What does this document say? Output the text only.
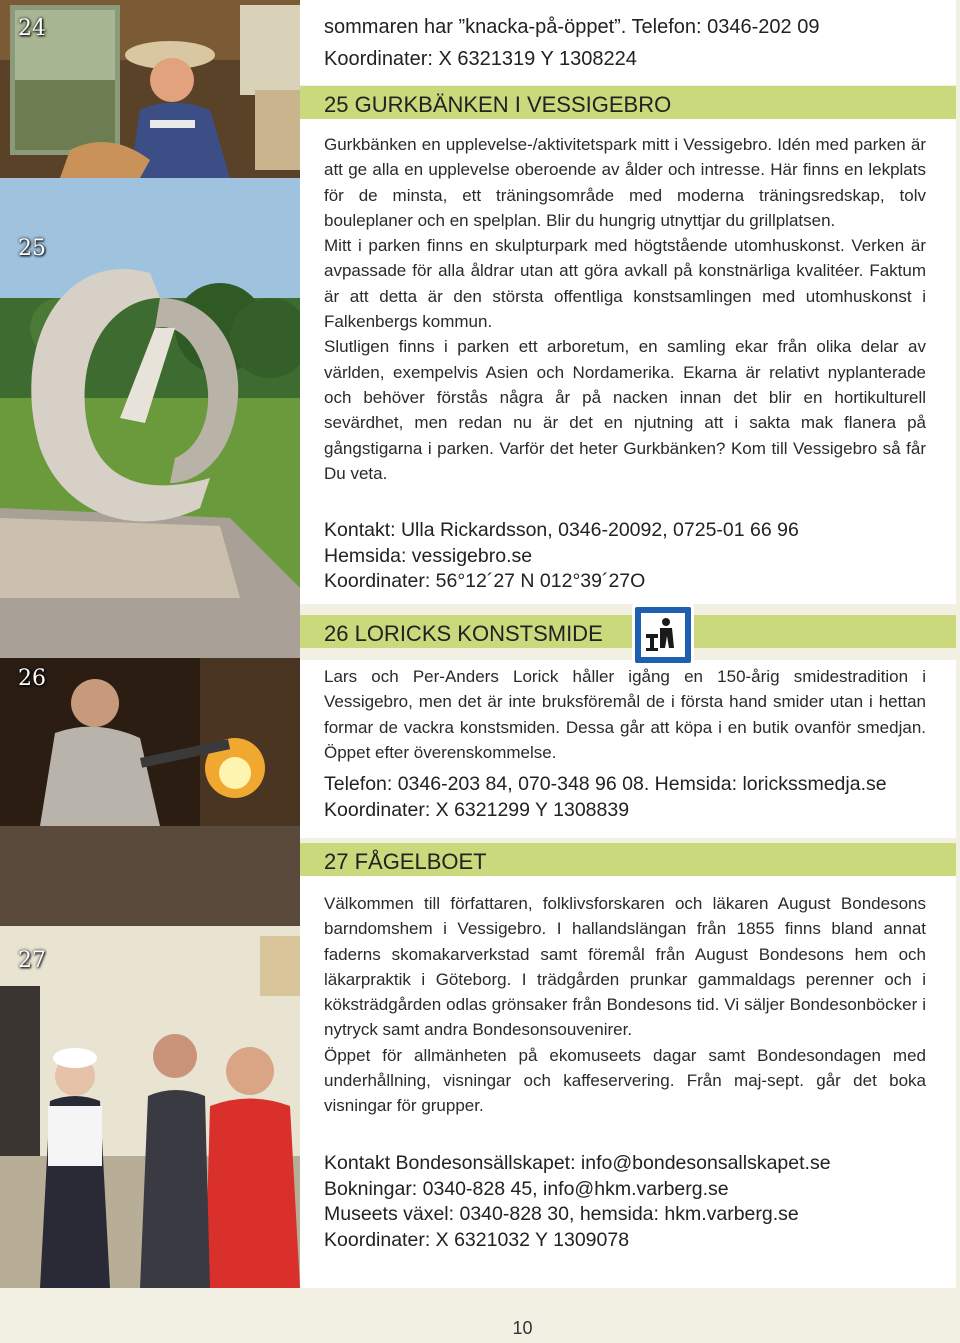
24
25
26
27
sommaren har ”knacka-på-öppet”. Telefon: 0346-202 09
Koordinater: X 6321319 Y 1308224
25 GURKBÄNKEN I VESSIGEBRO

Gurkbänken en upplevelse-/aktivitetspark mitt i Vessigebro. Idén med parken är att ge alla en upplevelse oberoende av ålder och intresse. Här finns en lekplats för de minsta, ett träningsområde med moderna träningsredskap, tolv bouleplaner och en spelplan. Blir du hungrig utnyttjar du grillplatsen.

Mitt i parken finns en skulpturpark med högtstående utomhuskonst. Verken är avpassade för alla åldrar utan att göra avkall på konstnärliga kvalitéer. Faktum är att detta är den största offentliga konstsamlingen med utomhuskonst i Falkenbergs kommun.

Slutligen finns i parken ett arboretum, en samling ekar från olika delar av världen, exempelvis Asien och Nordamerika. Ekarna är relativt nyplanterade och behöver förstås några år på nacken innan det blir en hortikulturell sevärdhet, men redan nu är det en njutning att i sakta mak flanera på gångstigarna i parken. Varför det heter Gurkbänken? Kom till Vessigebro så får Du veta.

Kontakt: Ulla Rickardsson, 0346-20092, 0725-01 66 96
Hemsida: vessigebro.se
Koordinater: 56°12´27 N 012°39´27O
26 LORICKS KONSTSMIDE

Lars och Per-Anders Lorick håller igång en 150-årig smidestradition i Vessigebro, men det är inte bruksföremål de i första hand smider utan i hettan formar de vackra konstsmiden. Dessa går att köpa i en butik ovanför smedjan. Öppet efter överenskommelse.

Telefon: 0346-203 84, 070-348 96 08. Hemsida: lorickssmedja.se
Koordinater: X 6321299 Y 1308839
27 FÅGELBOET

Välkommen till författaren, folklivsforskaren och läkaren August Bondesons barndomshem i Vessigebro. I hallandslängan från 1855 finns bland annat faderns skomakarverkstad samt föremål från August Bondesons hem och läkarpraktik i Göteborg. I trädgården prunkar gammaldags perenner och i köksträdgården odlas grönsaker från Bondesons tid. Vi säljer Bondesonböcker i nytryck samt andra Bondesonsouvenirer.

Öppet för allmänheten på ekomuseets dagar samt Bondesondagen med underhållning, visningar och kaffeservering. Från maj-sept. går det boka visningar för grupper.

Kontakt Bondesonsällskapet: info@bondesonsallskapet.se
Bokningar: 0340-828 45, info@hkm.varberg.se
Museets växel: 0340-828 30, hemsida: hkm.varberg.se
Koordinater: X 6321032 Y 1309078
10
